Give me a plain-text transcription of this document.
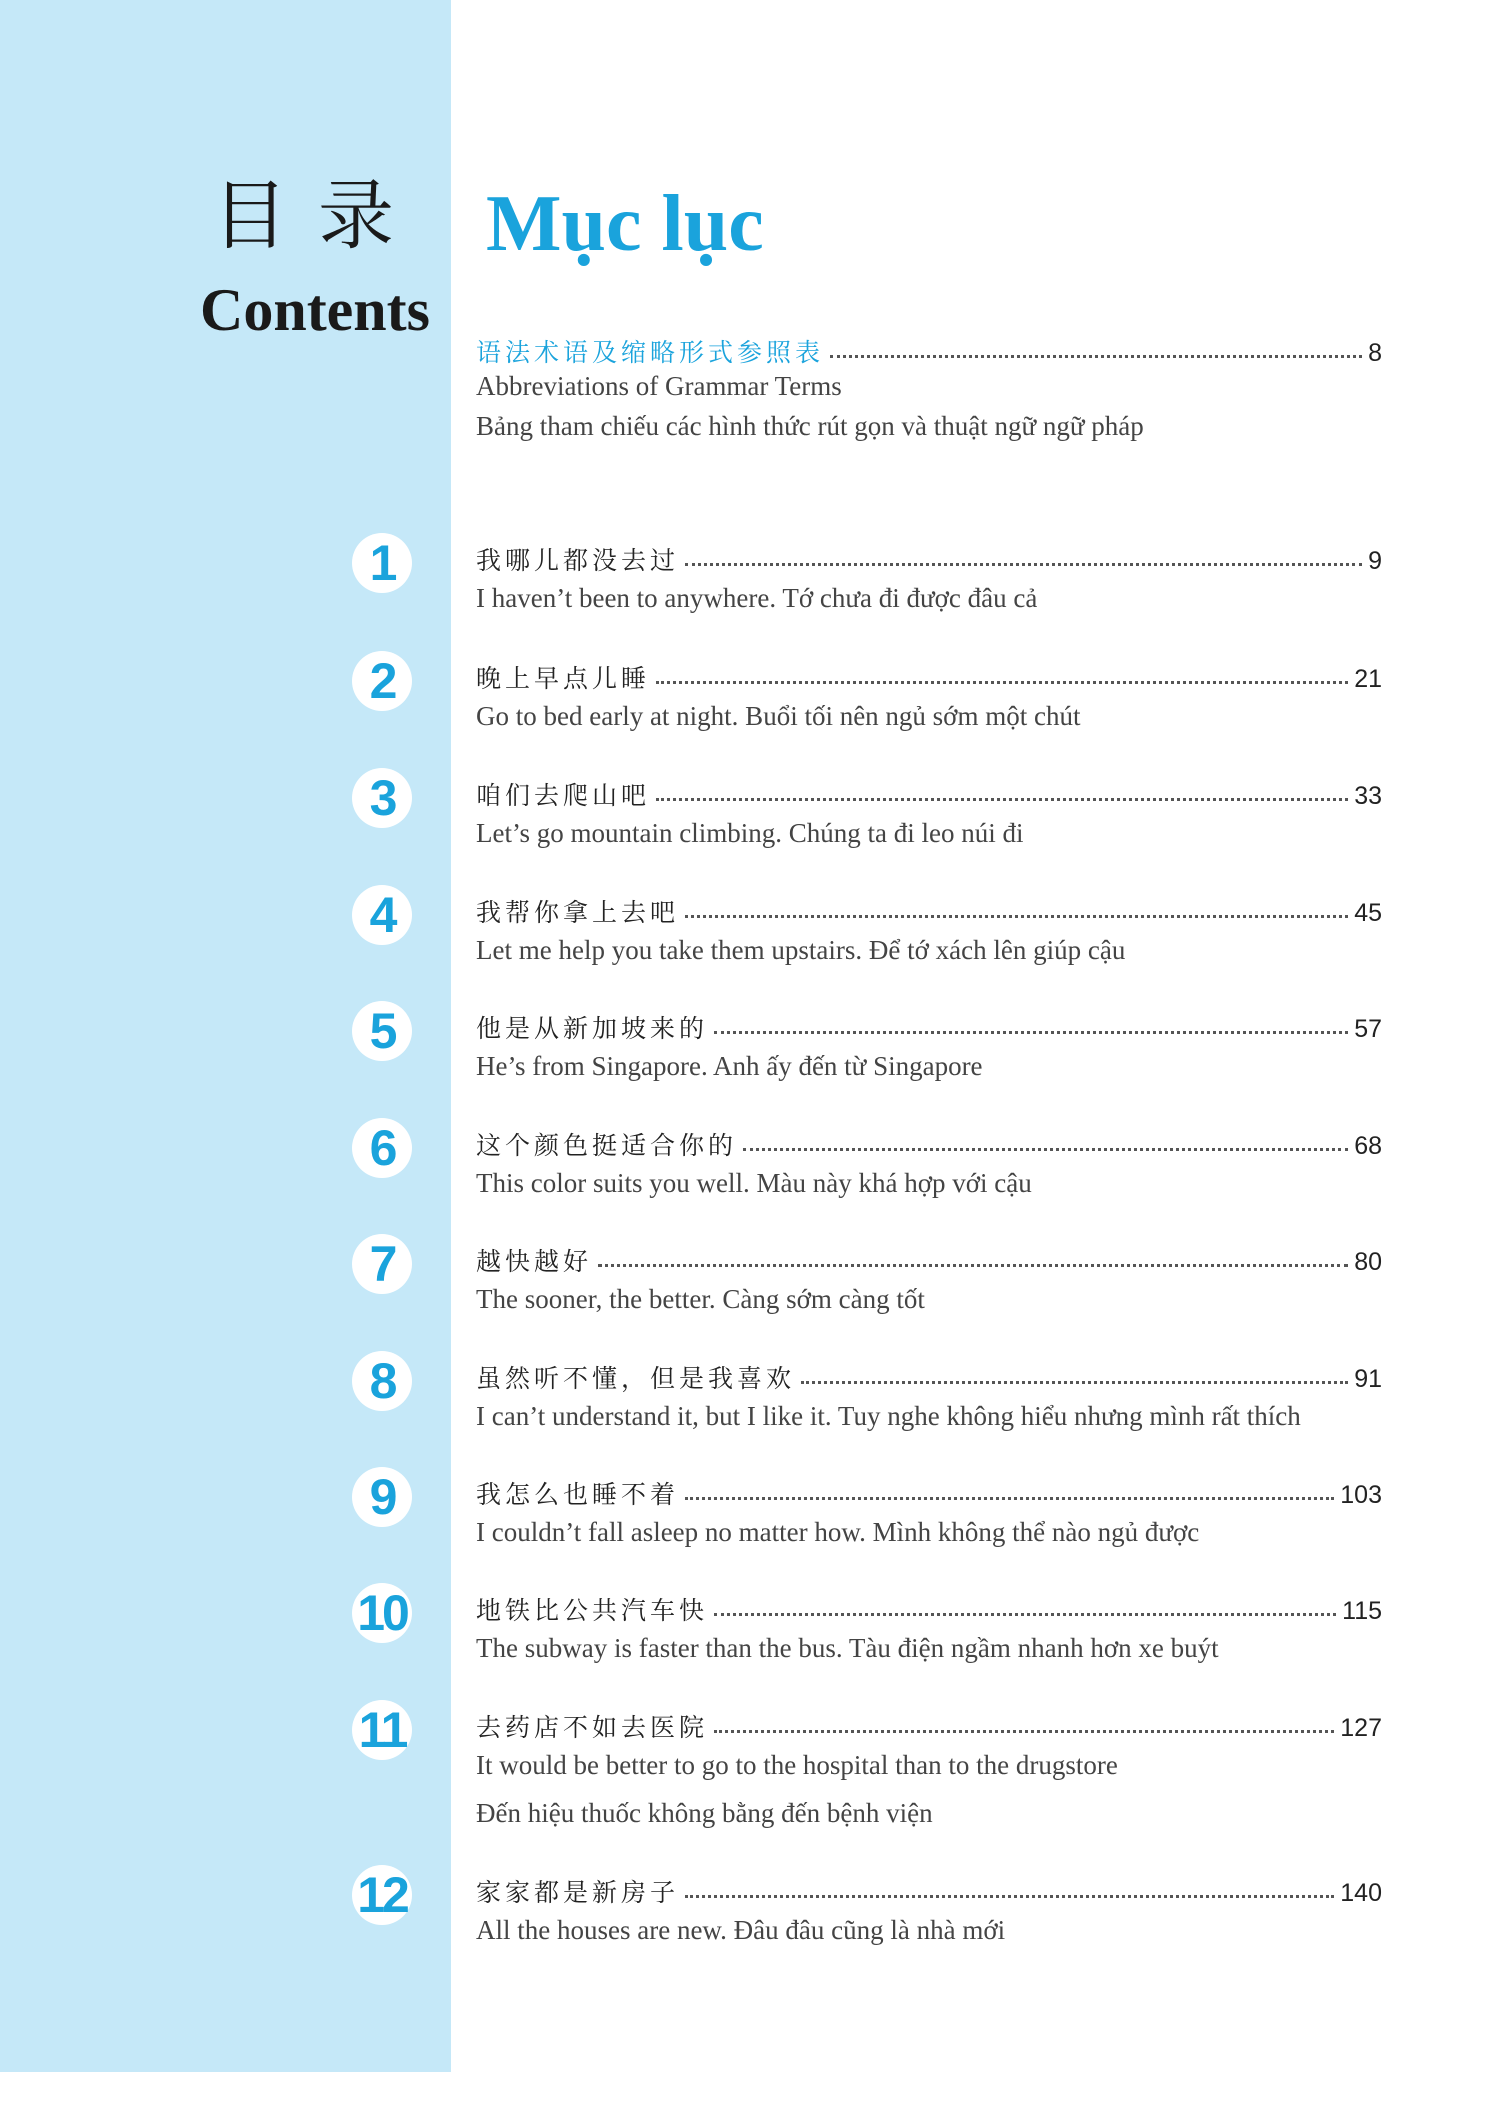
目录
Contents
Mục lục
语法术语及缩略形式参照表	8
Abbreviations of Grammar Terms
Bảng tham chiếu các hình thức rút gọn và thuật ngữ ngữ pháp
1	我哪儿都没去过	9
I haven’t been to anywhere. Tớ chưa đi được đâu cả
2	晚上早点儿睡	21
Go to bed early at night. Buổi tối nên ngủ sớm một chút
3	咱们去爬山吧	33
Let’s go mountain climbing. Chúng ta đi leo núi đi
4	我帮你拿上去吧	45
Let me help you take them upstairs. Để tớ xách lên giúp cậu
5	他是从新加坡来的	57
He’s from Singapore. Anh ấy đến từ Singapore
6	这个颜色挺适合你的	68
This color suits you well. Màu này khá hợp với cậu
7	越快越好	80
The sooner, the better. Càng sớm càng tốt
8	虽然听不懂，但是我喜欢	91
I can’t understand it, but I like it. Tuy nghe không hiểu nhưng mình rất thích
9	我怎么也睡不着	103
I couldn’t fall asleep no matter how. Mình không thể nào ngủ được
10	地铁比公共汽车快	115
The subway is faster than the bus. Tàu điện ngầm nhanh hơn xe buýt
11	去药店不如去医院	127
It would be better to go to the hospital than to the drugstore
Đến hiệu thuốc không bằng đến bệnh viện
12	家家都是新房子	140
All the houses are new. Đâu đâu cũng là nhà mới
